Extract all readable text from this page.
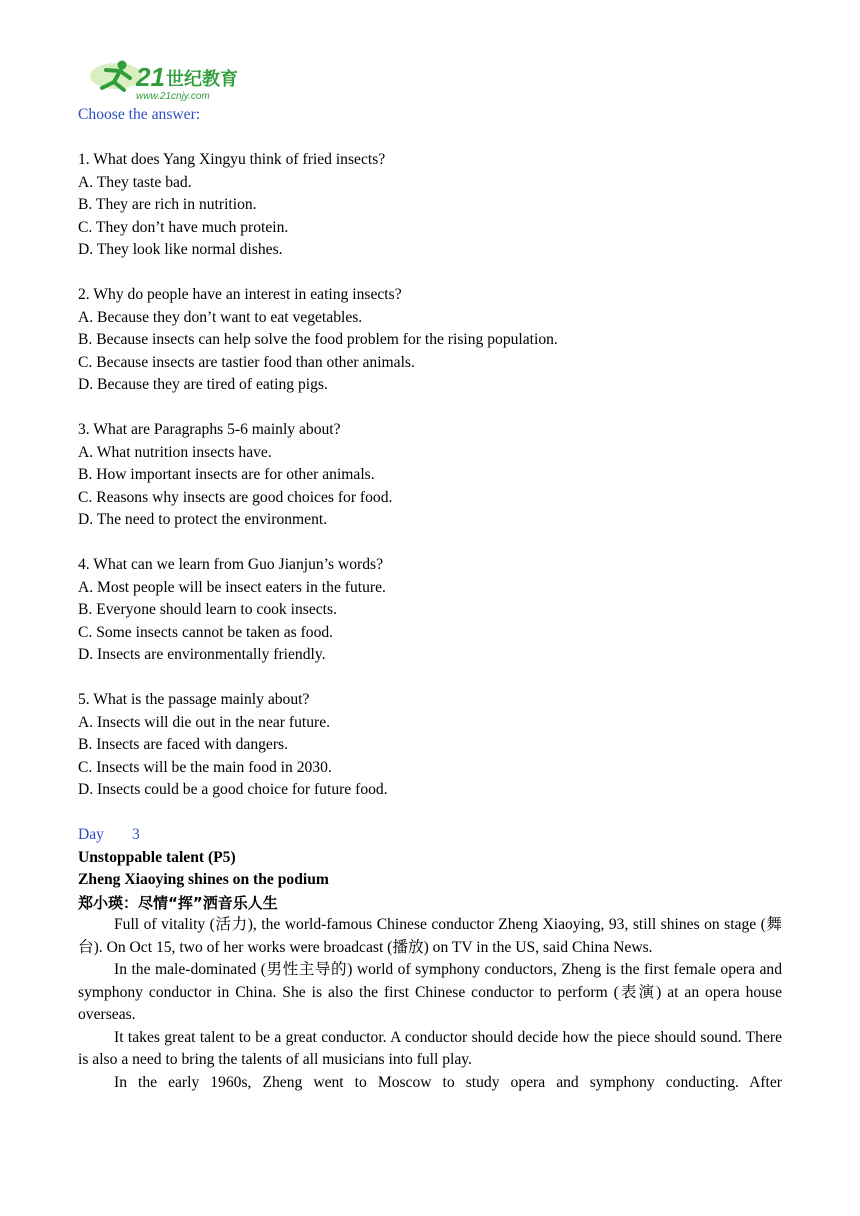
21 世纪教育
www.21cnjy.com
Choose the answer:
1. What does Yang Xingyu think of fried insects?
A. They taste bad.
B. They are rich in nutrition.
C. They don’t have much protein.
D. They look like normal dishes.
2. Why do people have an interest in eating insects?
A. Because they don’t want to eat vegetables.
B. Because insects can help solve the food problem for the rising population.
C. Because insects are tastier food than other animals.
D. Because they are tired of eating pigs.
3. What are Paragraphs 5-6 mainly about?
A. What nutrition insects have.
B. How important insects are for other animals.
C. Reasons why insects are good choices for food.
D. The need to protect the environment.
4. What can we learn from Guo Jianjun’s words?
A. Most people will be insect eaters in the future.
B. Everyone should learn to cook insects.
C. Some insects cannot be taken as food.
D. Insects are environmentally friendly.
5. What is the passage mainly about?
A. Insects will die out in the near future.
B. Insects are faced with dangers.
C. Insects will be the main food in 2030.
D. Insects could be a good choice for future food.
Day 3
Unstoppable talent (P5)
Zheng Xiaoying shines on the podium
郑小瑛：尽情“挥”洒音乐人生
Full of vitality (活力), the world-famous Chinese conductor Zheng Xiaoying, 93, still shines on stage (舞台). On Oct 15, two of her works were broadcast (播放) on TV in the US, said China News.
In the male-dominated (男性主导的) world of symphony conductors, Zheng is the first female opera and symphony conductor in China. She is also the first Chinese conductor to perform (表演) at an opera house overseas.
It takes great talent to be a great conductor. A conductor should decide how the piece should sound. There is also a need to bring the talents of all musicians into full play.
In the early 1960s, Zheng went to Moscow to study opera and symphony conducting. After
